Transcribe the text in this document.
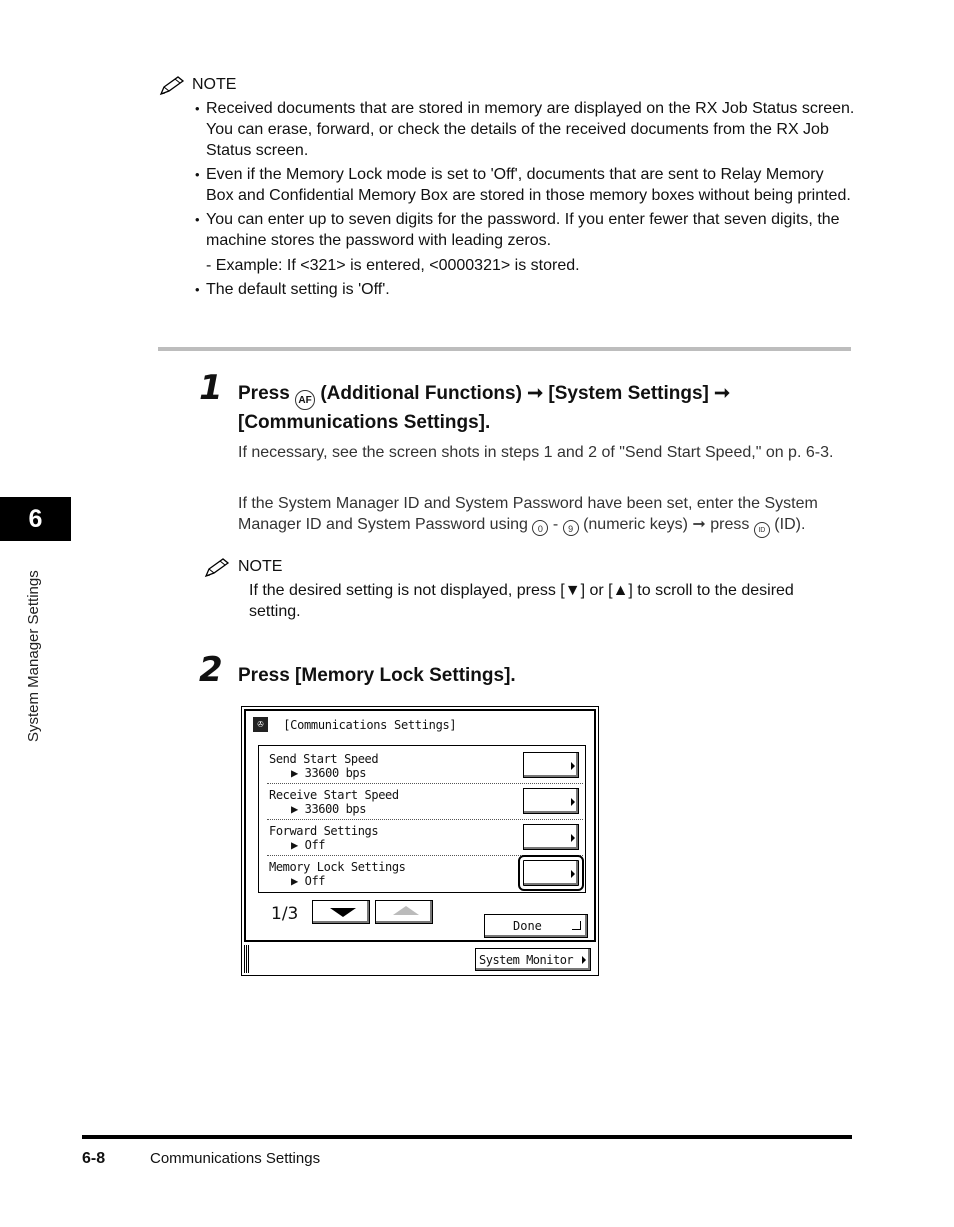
NOTE
• Received documents that are stored in memory are displayed on the RX Job Status screen. You can erase, forward, or check the details of the received documents from the RX Job Status screen.
• Even if the Memory Lock mode is set to 'Off', documents that are sent to Relay Memory Box and Confidential Memory Box are stored in those memory boxes without being printed.
• You can enter up to seven digits for the password. If you enter fewer that seven digits, the machine stores the password with leading zeros.
- Example: If <321> is entered, <0000321> is stored.
• The default setting is 'Off'.
1 Press AF (Additional Functions) ➞ [System Settings] ➞
[Communications Settings].
If necessary, see the screen shots in steps 1 and 2 of "Send Start Speed," on p. 6-3.
If the System Manager ID and System Password have been set, enter the System Manager ID and System Password using 0 - 9 (numeric keys) ➞ press ID (ID).
NOTE
If the desired setting is not displayed, press [▼] or [▲] to scroll to the desired setting.
2 Press [Memory Lock Settings].
✇ [Communications Settings]
Send Start Speed
▶ 33600 bps
Receive Start Speed
▶ 33600 bps
Forward Settings
▶ Off
Memory Lock Settings
▶ Off
1/3
Done
System Monitor
6
System Manager Settings
6-8	Communications Settings
